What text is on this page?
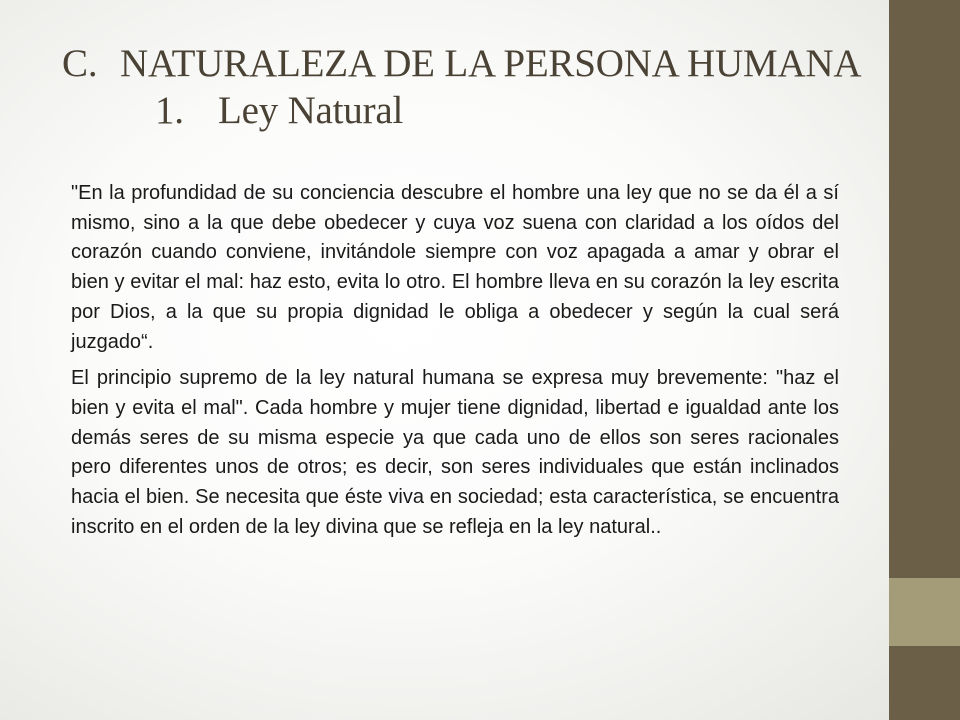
C. NATURALEZA DE LA PERSONA HUMANA
1. Ley Natural

"En la profundidad de su conciencia descubre el hombre una ley que no se da él a sí mismo, sino a la que debe obedecer y cuya voz suena con claridad a los oídos del corazón cuando conviene, invitándole siempre con voz apagada a amar y obrar el bien y evitar el mal: haz esto, evita lo otro. El hombre lleva en su corazón la ley escrita por Dios, a la que su propia dignidad le obliga a obedecer y según la cual será juzgado“.

El principio supremo de la ley natural humana se expresa muy brevemente: "haz el bien y evita el mal". Cada hombre y mujer tiene dignidad, libertad e igualdad ante los demás seres de su misma especie ya que cada uno de ellos son seres racionales pero diferentes unos de otros; es decir, son seres individuales que están inclinados hacia el bien. Se necesita que éste viva en sociedad; esta característica, se encuentra inscrito en el orden de la ley divina que se refleja en la ley natural..
